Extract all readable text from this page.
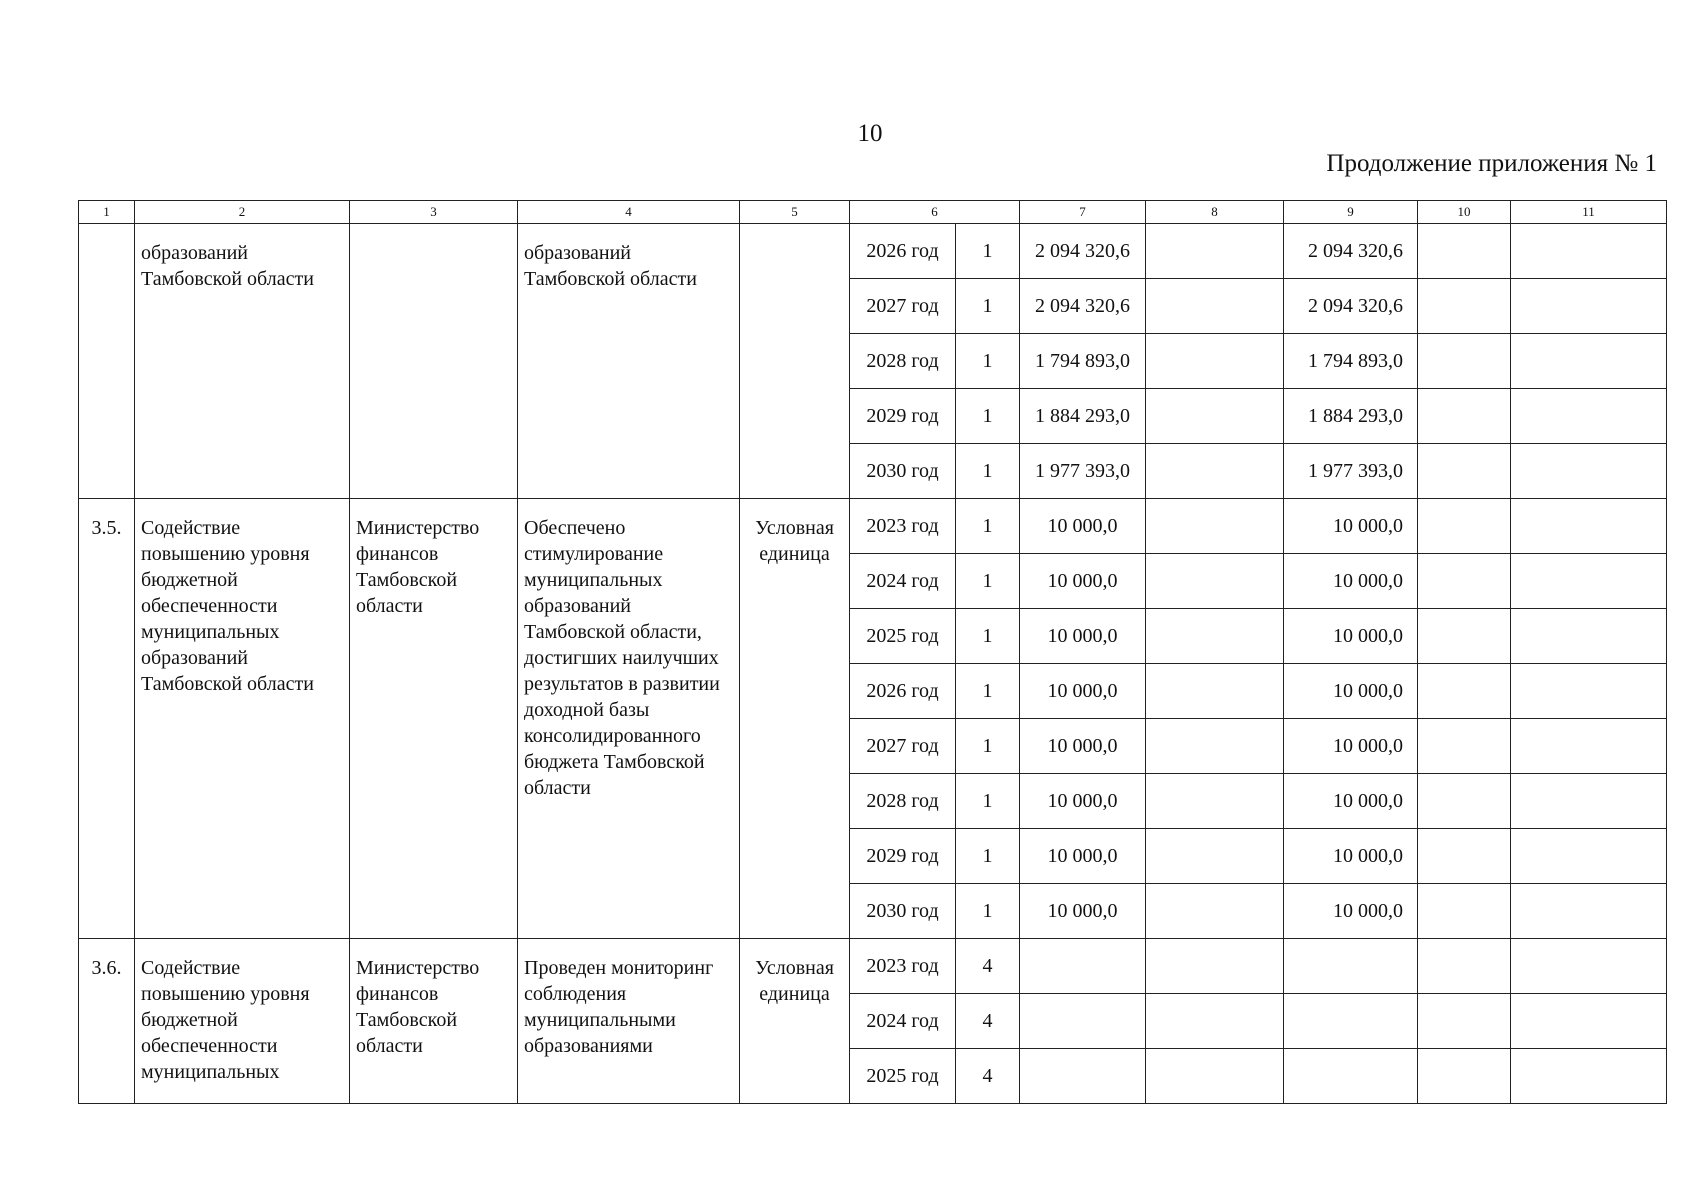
10
Продолжение приложения № 1
1	2	3	4	5	6		7	8	9	10	11
	образований Тамбовской области		образований Тамбовской области		2026 год	1	2 094 320,6		2 094 320,6		
					2027 год	1	2 094 320,6		2 094 320,6		
					2028 год	1	1 794 893,0		1 794 893,0		
					2029 год	1	1 884 293,0		1 884 293,0		
					2030 год	1	1 977 393,0		1 977 393,0		
3.5.	Содействие повышению уровня бюджетной обеспеченности муниципальных образований Тамбовской области	Министерство финансов Тамбовской области	Обеспечено стимулирование муниципальных образований Тамбовской области, достигших наилучших результатов в развитии доходной базы консолидированного бюджета Тамбовской области	Условная единица	2023 год	1	10 000,0		10 000,0		
					2024 год	1	10 000,0		10 000,0		
					2025 год	1	10 000,0		10 000,0		
					2026 год	1	10 000,0		10 000,0		
					2027 год	1	10 000,0		10 000,0		
					2028 год	1	10 000,0		10 000,0		
					2029 год	1	10 000,0		10 000,0		
					2030 год	1	10 000,0		10 000,0		
3.6.	Содействие повышению уровня бюджетной обеспеченности муниципальных	Министерство финансов Тамбовской области	Проведен мониторинг соблюдения муниципальными образованиями	Условная единица	2023 год	4					
					2024 год	4					
					2025 год	4					
